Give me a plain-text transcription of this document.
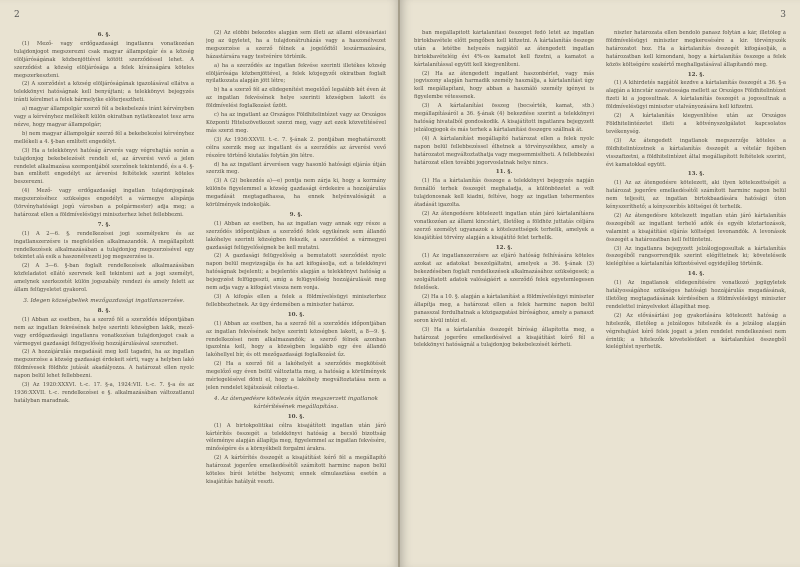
2
6. §.

(1) Mező- vagy erdőgazdasági ingatlanra vonatkozóan tulajdonjogot megszerezni csak magyar állampolgár és a község elöljáróságának közbenjöttével kötött szerződéssel lehet. A szerződést a község elöljárósága a felek kívánságára köteles megszerkeszteni.

(2) A szerződést a község elöljáróságának igazolásával ellátva a telekkönyvi hatóságnak kell benyújtani; a telekkönyvi bejegyzés iránti kérelmet a felek bármelyike előterjesztheti.

a) magyar állampolgár szerző fél a bekebelezés iránt kérvényben vagy a kérvényhez mellékelt külön okiratban nyilatkozatot tesz arra nézve, hogy magyar állampolgár;

b) nem magyar állampolgár szerző fél a bekebelezési kérvényhez mellékeli a 4. §-ban említett engedélyt.

(3) Ha a telekkönyvi hatóság árverés vagy végrehajtás során a tulajdonjog bekebelezését rendeli el, az árverési vevő a jelen rendelet alkalmazása szempontjából szerzőnek tekintendő, és a 4. §-ban említett engedélyt az árverési feltételek szerint köteles beszerezni.

(4) Mező- vagy erdőgazdasági ingatlan tulajdonjogának megszerzéséhez szükséges engedélyt a vármegye alispánja (törvényhatósági jogú városban a polgármester) adja meg; a határozat ellen a földmívelésügyi miniszterhez lehet fellebbezni.

7. §.

(1) A 2—6. §. rendelkezései jogi személyekre és az ingatlanszerzésre is megfelelően alkalmazandók. A megállapított rendelkezések alkalmazásában a tulajdonjog megszerzésével egy tekintet alá esik a haszonélvezeti jog megszerzése is.

(2) A 3—6. §-ban foglalt rendelkezések alkalmazásában közfeladatot ellátó szervnek kell tekinteni azt a jogi személyt, amelynek szerkezetét külön jogszabály rendezi és amely felett az állam felügyeletet gyakorol.

3. Idegen községbeliek mezőgazdasági ingatlanszerzése.
8. §.

(1) Abban az esetben, ha a szerző fél a szerződés időpontjában nem az ingatlan fekvésének helye szerinti községben lakik, mező- vagy erdőgazdasági ingatlanra vonatkozóan tulajdonjogot csak a vármegyei gazdasági felügyelőség hozzájárulásával szerezhet.

(2) A hozzájárulás megadását meg kell tagadni, ha az ingatlan megszerzése a község gazdasági érdekeit sérti, vagy a helyben lakó földmívesek földhöz jutását akadályozza. A határozat ellen nyolc napon belül lehet fellebbezni.

(3) Az 1920:XXXVI. t.-c. 17. §-a, 1924:VII. t.-c. 7. §-a és az 1936:XXVII. t.-c. rendelkezései e §. alkalmazásában változatlanul hatályban maradnak.

(2) Az előbbi bekezdés alapján sem illeti az állami elővásárlási jog az ügyletet, ha a tulajdonátruházás vagy a haszonélvezet megszerzése a szerző félnek a jogelődtől leszármazására, házastársára vagy testvérére történik.

a) ha a szerződés az ingatlan fekvése szerinti illetékes község elöljárósága közbenjöttével, a felek közjegyzői okiratban foglalt nyilatkozata alapján jött létre;

b) ha a szerző fél az elidegenítést megelőző legalább két éven át az ingatlan fekvésének helye szerinti községben lakott és földmívelési foglalkozást űzött.

c) ha az ingatlant az Országos Földhitelintézet vagy az Országos Központi Hitelszövetkezet szerzi meg, vagy azt ezek közvetítésével más szerzi meg.

(3) Az 1936:XXVII. t.-c. 7. §-ának 2. pontjában meghatározott célra szerzik meg az ingatlant és a szerződés az árverési vevő részére történő kiutalás folytán jön létre.

d) ha az ingatlant árverésen vagy hasonló hatósági eljárás útján szerzik meg.

(3) A (2) bekezdés a)—e) pontja nem zárja ki, hogy a kormány különös figyelemmel a község gazdasági érdekeire a hozzájárulás megadását megtagadhassa, ha ennek helyénvalóságát a körülmények indokolják.

9. §.

(1) Abban az esetben, ha az ingatlan vagy annak egy része a szerződés időpontjában a szerződő felek egyikének sem állandó lakóhelye szerinti községben fekszik, a szerződést a vármegyei gazdasági felügyelőségnek be kell mutatni.

(2) A gazdasági felügyelőség a bemutatott szerződést nyolc napon belül megvizsgálja és ha azt kifogásolja, ezt a telekkönyvi hatóságnak bejelenti; a bejelentés alapján a telekkönyvi hatóság a bejegyzést felfüggeszti, amíg a felügyelőség hozzájárulását meg nem adja vagy a kifogást vissza nem vonja.

(3) A kifogás ellen a felek a földmívelésügyi miniszterhez fellebbezhetnek. Az ügy érdemében a miniszter határoz.

10. §.

(1) Abban az esetben, ha a szerző fél a szerződés időpontjában az ingatlan fekvésének helye szerinti községben lakott, a 8—9. §. rendelkezései nem alkalmazandók; a szerző félnek azonban igazolnia kell, hogy a községben legalább egy éve állandó lakóhellyel bír, és ott mezőgazdasági foglalkozást űz.

(2) Ha a szerző fél a lakóhelyét a szerződés megkötését megelőző egy éven belül változtatta meg, a hatóság a körülmények mérlegelésével dönti el, hogy a lakóhely megváltoztatása nem a jelen rendelet kijátszását célozta-e.

4. Az átengedésre kötelezés útján megszerzett ingatlanok kártérítésének megállapítása.
10. §.

(1) A birtokpolitikai célra kisajátított ingatlan után járó kártérítés összegét a telekkönyvi hatóság a becslő bizottság véleménye alapján állapítja meg, figyelemmel az ingatlan fekvésére, minőségére és a környékbeli forgalmi árakra.

(2) A kártérítés összegét a kisajátítást kérő fél a megállapító határozat jogerőre emelkedésétől számított harminc napon belül köteles bírói letétbe helyezni; ennek elmulasztása esetén a kisajátítás hatályát veszti.

3

ban megállapított kártalanítási összeget fedő letét az ingatlan birtokbavétele előtt pengőben kell kifizetni. A kártalanítás összege után a letétbe helyezés napjától az átengedett ingatlan birtokbavételéig évi 4%-os kamatot kell fizetni, a kamatot a kártalanítással együtt kell kiegyenlíteni.

(2) Ha az átengedett ingatlant haszonbérlet, vagy más jogviszony alapján harmadik személy használja, a kártalanítást úgy kell megállapítani, hogy abban a használó személy igényei is figyelembe vétessenek.

(3) A kártalanítási összeg (becsérték, kamat, stb.) megállapításáról a 36. §-ának (4) bekezdése szerint a telekkönyvi hatóság hivatalból gondoskodik. A kisajátított ingatlanra bejegyzett jelzálogjogok és más terhek a kártalanítási összegre szállnak át.

(4) A kártalanítást megállapító határozat ellen a felek nyolc napon belül fellebbezéssel élhetnek a törvényszékhez, amely a határozatot megváltoztathatja vagy megsemmisítheti. A fellebbezési határozat ellen további jogorvoslatnak helye nincs.

11. §.

(1) Ha a kártalanítás összege a telekkönyvi bejegyzés napján fennálló terhek összegét meghaladja, a különbözetet a volt tulajdonosnak kell kiadni, feltéve, hogy az ingatlan tehermentes átadását igazolta.

(2) Az átengedésre kötelezett ingatlan után járó kártalanításra vonatkozóan az állami kincstárt, illetőleg a földhöz juttatás céljára szerző személyt ugyanazok a kötelezettségek terhelik, amelyek a kisajátítási törvény alapján a kisajátító felet terhelik.

12. §.

(1) Az ingatlanszerzésre az eljáró hatóság felhívására köteles azokat az adatokat beszolgáltatni, amelyek a 36. §-ának (3) bekezdésében foglalt rendelkezések alkalmazásához szükségesek; a szolgáltatott adatok valóságáért a szerződő felek egyetemlegesen felelősek.

(2) Ha a 10. §. alapján a kártalanítást a földmívelésügyi miniszter állapítja meg, a határozat ellen a felek harminc napon belül panasszal fordulhatnak a közigazgatási bírósághoz, amely a panaszt soron kívül intézi el.

(3) Ha a kártalanítás összegét bíróság állapította meg, a határozat jogerőre emelkedésével a kisajátítást kérő fél a telekkönyvi hatóságnál a tulajdonjog bekebelezését kérheti.

niszter határozata ellen bendoló panasz folytán a kár, illetőleg a földmívelésügyi miniszter megkeresésére a kir. törvényszék határozatot hoz. Ha a kártalanítás összegét kifogásolják, a határozatban kell kimondani, hogy a kártalanítás összege a felek közös költségére szakértő meghallgatásával állapítandó meg.

12. §.

(1) A kihirdetés napjától kezdve a kártalanítás összegét a 36. §-a alapján a kincstár szavatossága mellett az Országos Földhitelintézet fizeti ki a jogosultnak. A kártalanítás összegét a jogosultnak a földmívelésügyi miniszter utalványozására kell kifizetni.

(2) A kártalanítás kiegyenlítése után az Országos Földhitelintézetet illeti a kötvényszolgálatot kapcsolatos tevékenység.

(3) Az átengedett ingatlanok megszerzője köteles a földhitelintézetnek a kártalanítás összegét a vételár fejében visszafizetni, a földhitelintézet által megállapított feltételek szerint, évi kamatokkal együtt.

13. §.

(1) Az az átengedésre kötelezett, aki ilyen kötelezettségét a határozat jogerőre emelkedésétől számított harminc napon belül nem teljesíti, az ingatlan birtokbaadására hatósági úton kényszeríthető; a kényszerítés költségei őt terhelik.

(2) Az átengedésre kötelezett ingatlan után járó kártalanítás összegéből az ingatlant terhelő adók és egyéb köztartozások, valamint a kisajátítási eljárás költségei levonandók. A levonások összegét a határozatban kell feltüntetni.

(3) Az ingatlanra bejegyzett jelzálogjogosultak a kártalanítás összegéből rangsorrendjük szerint elégíttetnek ki; követeléseik kielégítése a kártalanítás kifizetésével egyidejűleg történik.

14. §.

(1) Az ingatlanok elidegenítésére vonatkozó jogügyletek hatályosságához szükséges hatósági hozzájárulás megadásának, illetőleg megtagadásának kérdésében a földmívelésügyi miniszter rendelettel irányelveket állapíthat meg.

(2) Az elővásárlási jog gyakorlására kötelezett hatóság a hitelezők, illetőleg a jelzálogos hitelezők és a jelzálog alapján végrehajtást kérő felek jogait a jelen rendelet rendelkezései nem érintik; a hitelezők követelésüket a kártalanítási összegből kielégítést nyerhetik.
